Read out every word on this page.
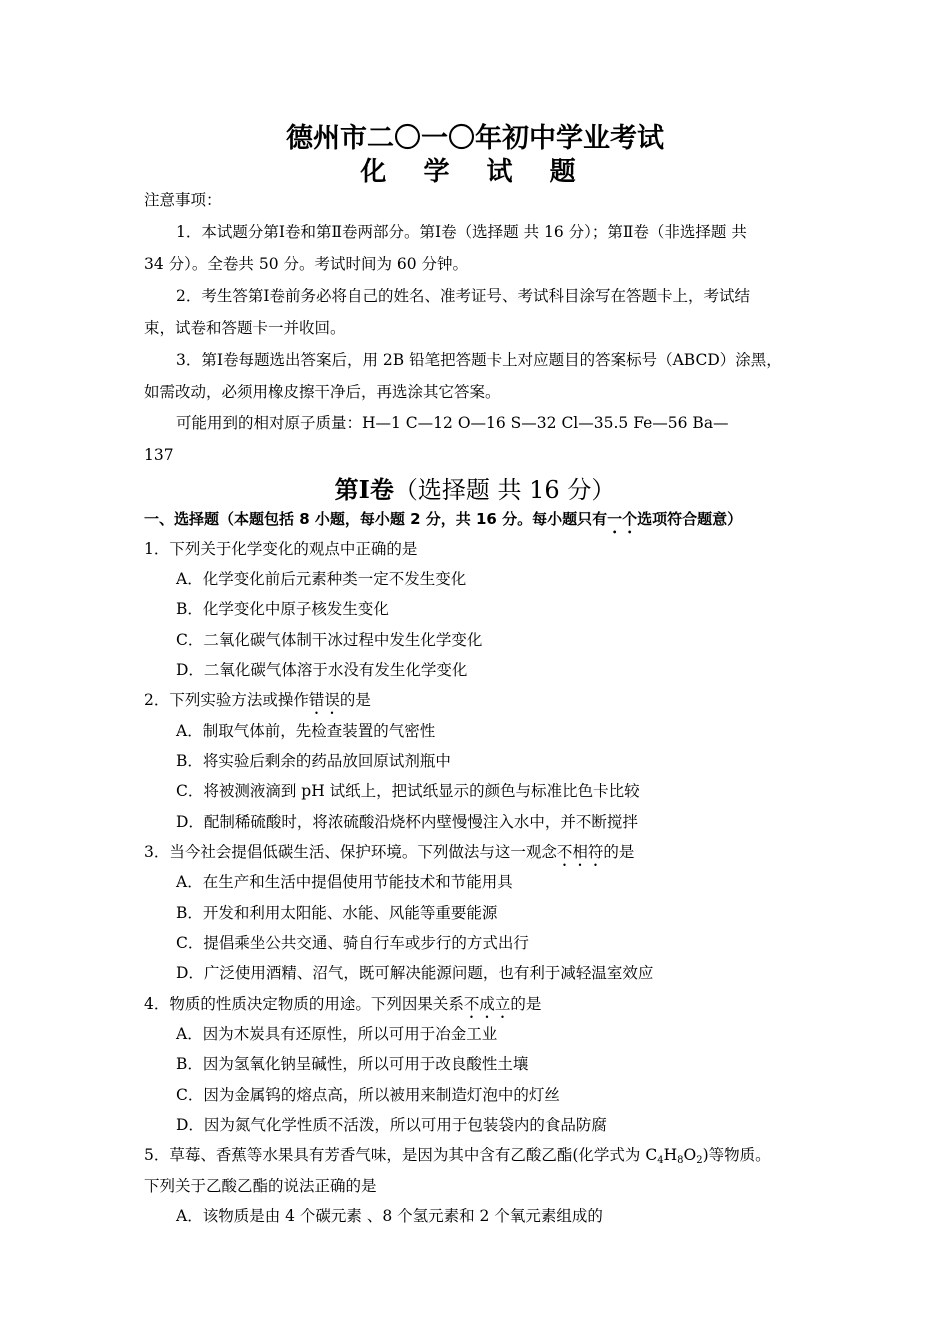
德州市二〇一〇年初中学业考试
化 学 试 题
注意事项：
1．本试题分第Ⅰ卷和第Ⅱ卷两部分。第Ⅰ卷（选择题 共 16 分）；第Ⅱ卷（非选择题 共
34 分）。全卷共 50 分。考试时间为 60 分钟。
2．考生答第Ⅰ卷前务必将自己的姓名、准考证号、考试科目涂写在答题卡上，考试结
束，试卷和答题卡一并收回。
3．第Ⅰ卷每题选出答案后，用 2B 铅笔把答题卡上对应题目的答案标号（ABCD）涂黑，
如需改动，必须用橡皮擦干净后，再选涂其它答案。
可能用到的相对原子质量：H—1 C—12 O—16 S—32 Cl—35.5 Fe—56 Ba—
137
第Ⅰ卷（选择题 共 16 分）
一、选择题（本题包括 8 小题，每小题 2 分，共 16 分。每小题只有一个选项符合题意）
1．下列关于化学变化的观点中正确的是
A．化学变化前后元素种类一定不发生变化
B．化学变化中原子核发生变化
C．二氧化碳气体制干冰过程中发生化学变化
D．二氧化碳气体溶于水没有发生化学变化
2．下列实验方法或操作错误的是
A．制取气体前，先检查装置的气密性
B．将实验后剩余的药品放回原试剂瓶中
C．将被测液滴到 pH 试纸上，把试纸显示的颜色与标准比色卡比较
D．配制稀硫酸时，将浓硫酸沿烧杯内壁慢慢注入水中，并不断搅拌
3．当今社会提倡低碳生活、保护环境。下列做法与这一观念不相符的是
A．在生产和生活中提倡使用节能技术和节能用具
B．开发和利用太阳能、水能、风能等重要能源
C．提倡乘坐公共交通、骑自行车或步行的方式出行
D．广泛使用酒精、沼气，既可解决能源问题，也有利于减轻温室效应
4．物质的性质决定物质的用途。下列因果关系不成立的是
A．因为木炭具有还原性，所以可用于冶金工业
B．因为氢氧化钠呈碱性，所以可用于改良酸性土壤
C．因为金属钨的熔点高，所以被用来制造灯泡中的灯丝
D．因为氮气化学性质不活泼，所以可用于包装袋内的食品防腐
5．草莓、香蕉等水果具有芳香气味，是因为其中含有乙酸乙酯(化学式为 $C_4H_8O_2$)等物质。
下列关于乙酸乙酯的说法正确的是
A．该物质是由 4 个碳元素 、8 个氢元素和 2 个氧元素组成的
